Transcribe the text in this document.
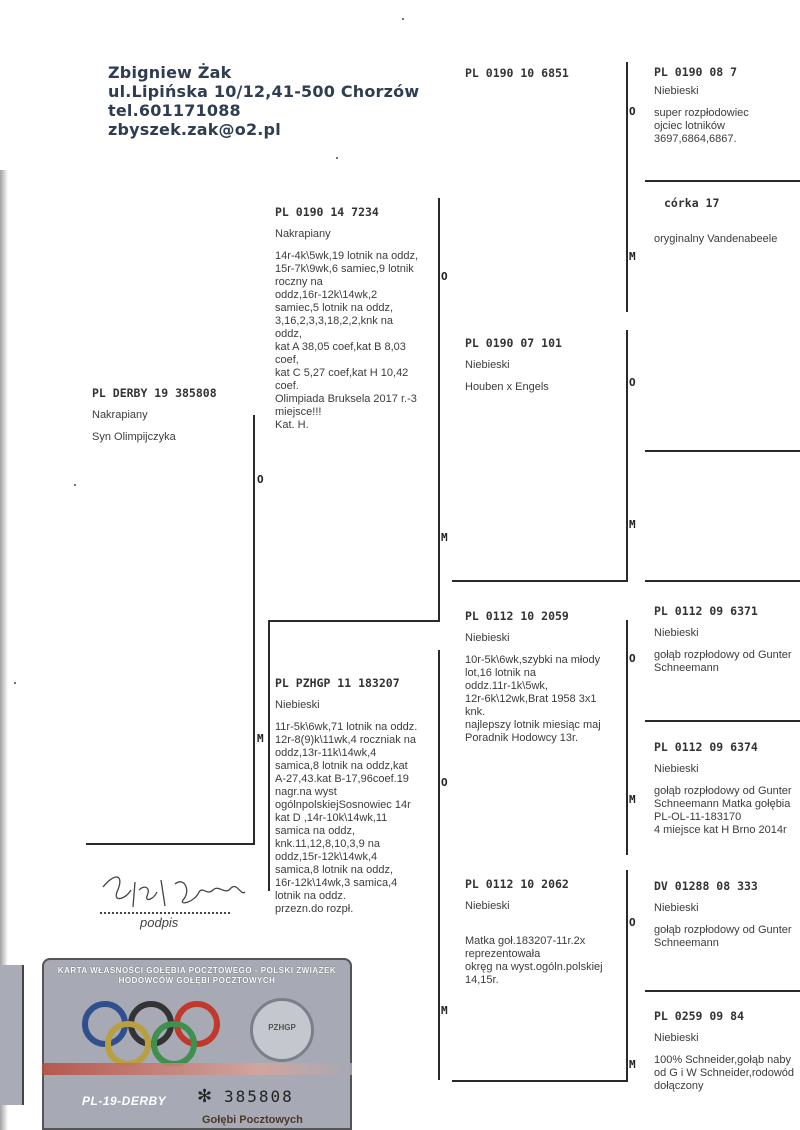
O
M
O
M
O
M
O
M
O
M
O
M
O
M
Zbigniew Żak
ul.Lipińska 10/12,41-500 Chorzów
tel.601171088
zbyszek.zak@o2.pl
PL DERBY 19 385808
Nakrapiany
Syn Olimpijczyka
PL 0190 14 7234
Nakrapiany
14r-4k\5wk,19 lotnik na oddz,
15r-7k\9wk,6 samiec,9 lotnik
roczny na
oddz,16r-12k\14wk,2
samiec,5 lotnik na oddz,
3,16,2,3,3,18,2,2,knk na
oddz,
kat A 38,05 coef,kat B 8,03
coef,
kat C 5,27 coef,kat H 10,42
coef.
Olimpiada Bruksela 2017 r.-3
miejsce!!!
Kat. H.
PL PZHGP 11 183207
Niebieski
11r-5k\6wk,71 lotnik na oddz.
12r-8(9)k\11wk,4 roczniak na
oddz,13r-11k\14wk,4
samica,8 lotnik na oddz,kat
A-27,43.kat B-17,96coef.19
nagr.na wyst
ogólnpolskiejSosnowiec 14r
kat D ,14r-10k\14wk,11
samica na oddz,
knk.11,12,8,10,3,9 na
oddz,15r-12k\14wk,4
samica,8 lotnik na oddz,
16r-12k\14wk,3 samica,4
lotnik na oddz.
przezn.do rozpł.
PL 0190 10 6851
PL 0190 07 101
Niebieski
Houben x Engels
PL 0112 10 2059
Niebieski
10r-5k\6wk,szybki na młody
lot,16 lotnik na
oddz.11r-1k\5wk,
12r-6k\12wk,Brat 1958 3x1
knk.
najlepszy lotnik miesiąc maj
Poradnik Hodowcy 13r.
PL 0112 10 2062
Niebieski
Matka goł.183207-11r.2x
reprezentowała
okręg na wyst.ogóln.polskiej
14,15r.
PL 0190 08 7
Niebieski
super rozpłodowiec
ojciec lotników
3697,6864,6867.
córka 17
oryginalny Vandenabeele
PL 0112 09 6371
Niebieski
gołąb rozpłodowy od Gunter
Schneemann
PL 0112 09 6374
Niebieski
gołąb rozpłodowy od Gunter
Schneemann Matka gołębia
PL-OL-11-183170
4 miejsce kat H Brno 2014r
DV 01288 08 333
Niebieski
gołąb rozpłodowy od Gunter
Schneemann
PL 0259 09 84
Niebieski
100% Schneider,gołąb naby
od G i W Schneider,rodowód
dołączony
podpis
KARTA WŁASNOŚCI GOŁĘBIA POCZTOWEGO - POLSKI ZWIĄZEK HODOWCÓW GOŁĘBI POCZTOWYCH
PZHGP
PL-19-DERBY ✻ 385808
Gołębi Pocztowych
